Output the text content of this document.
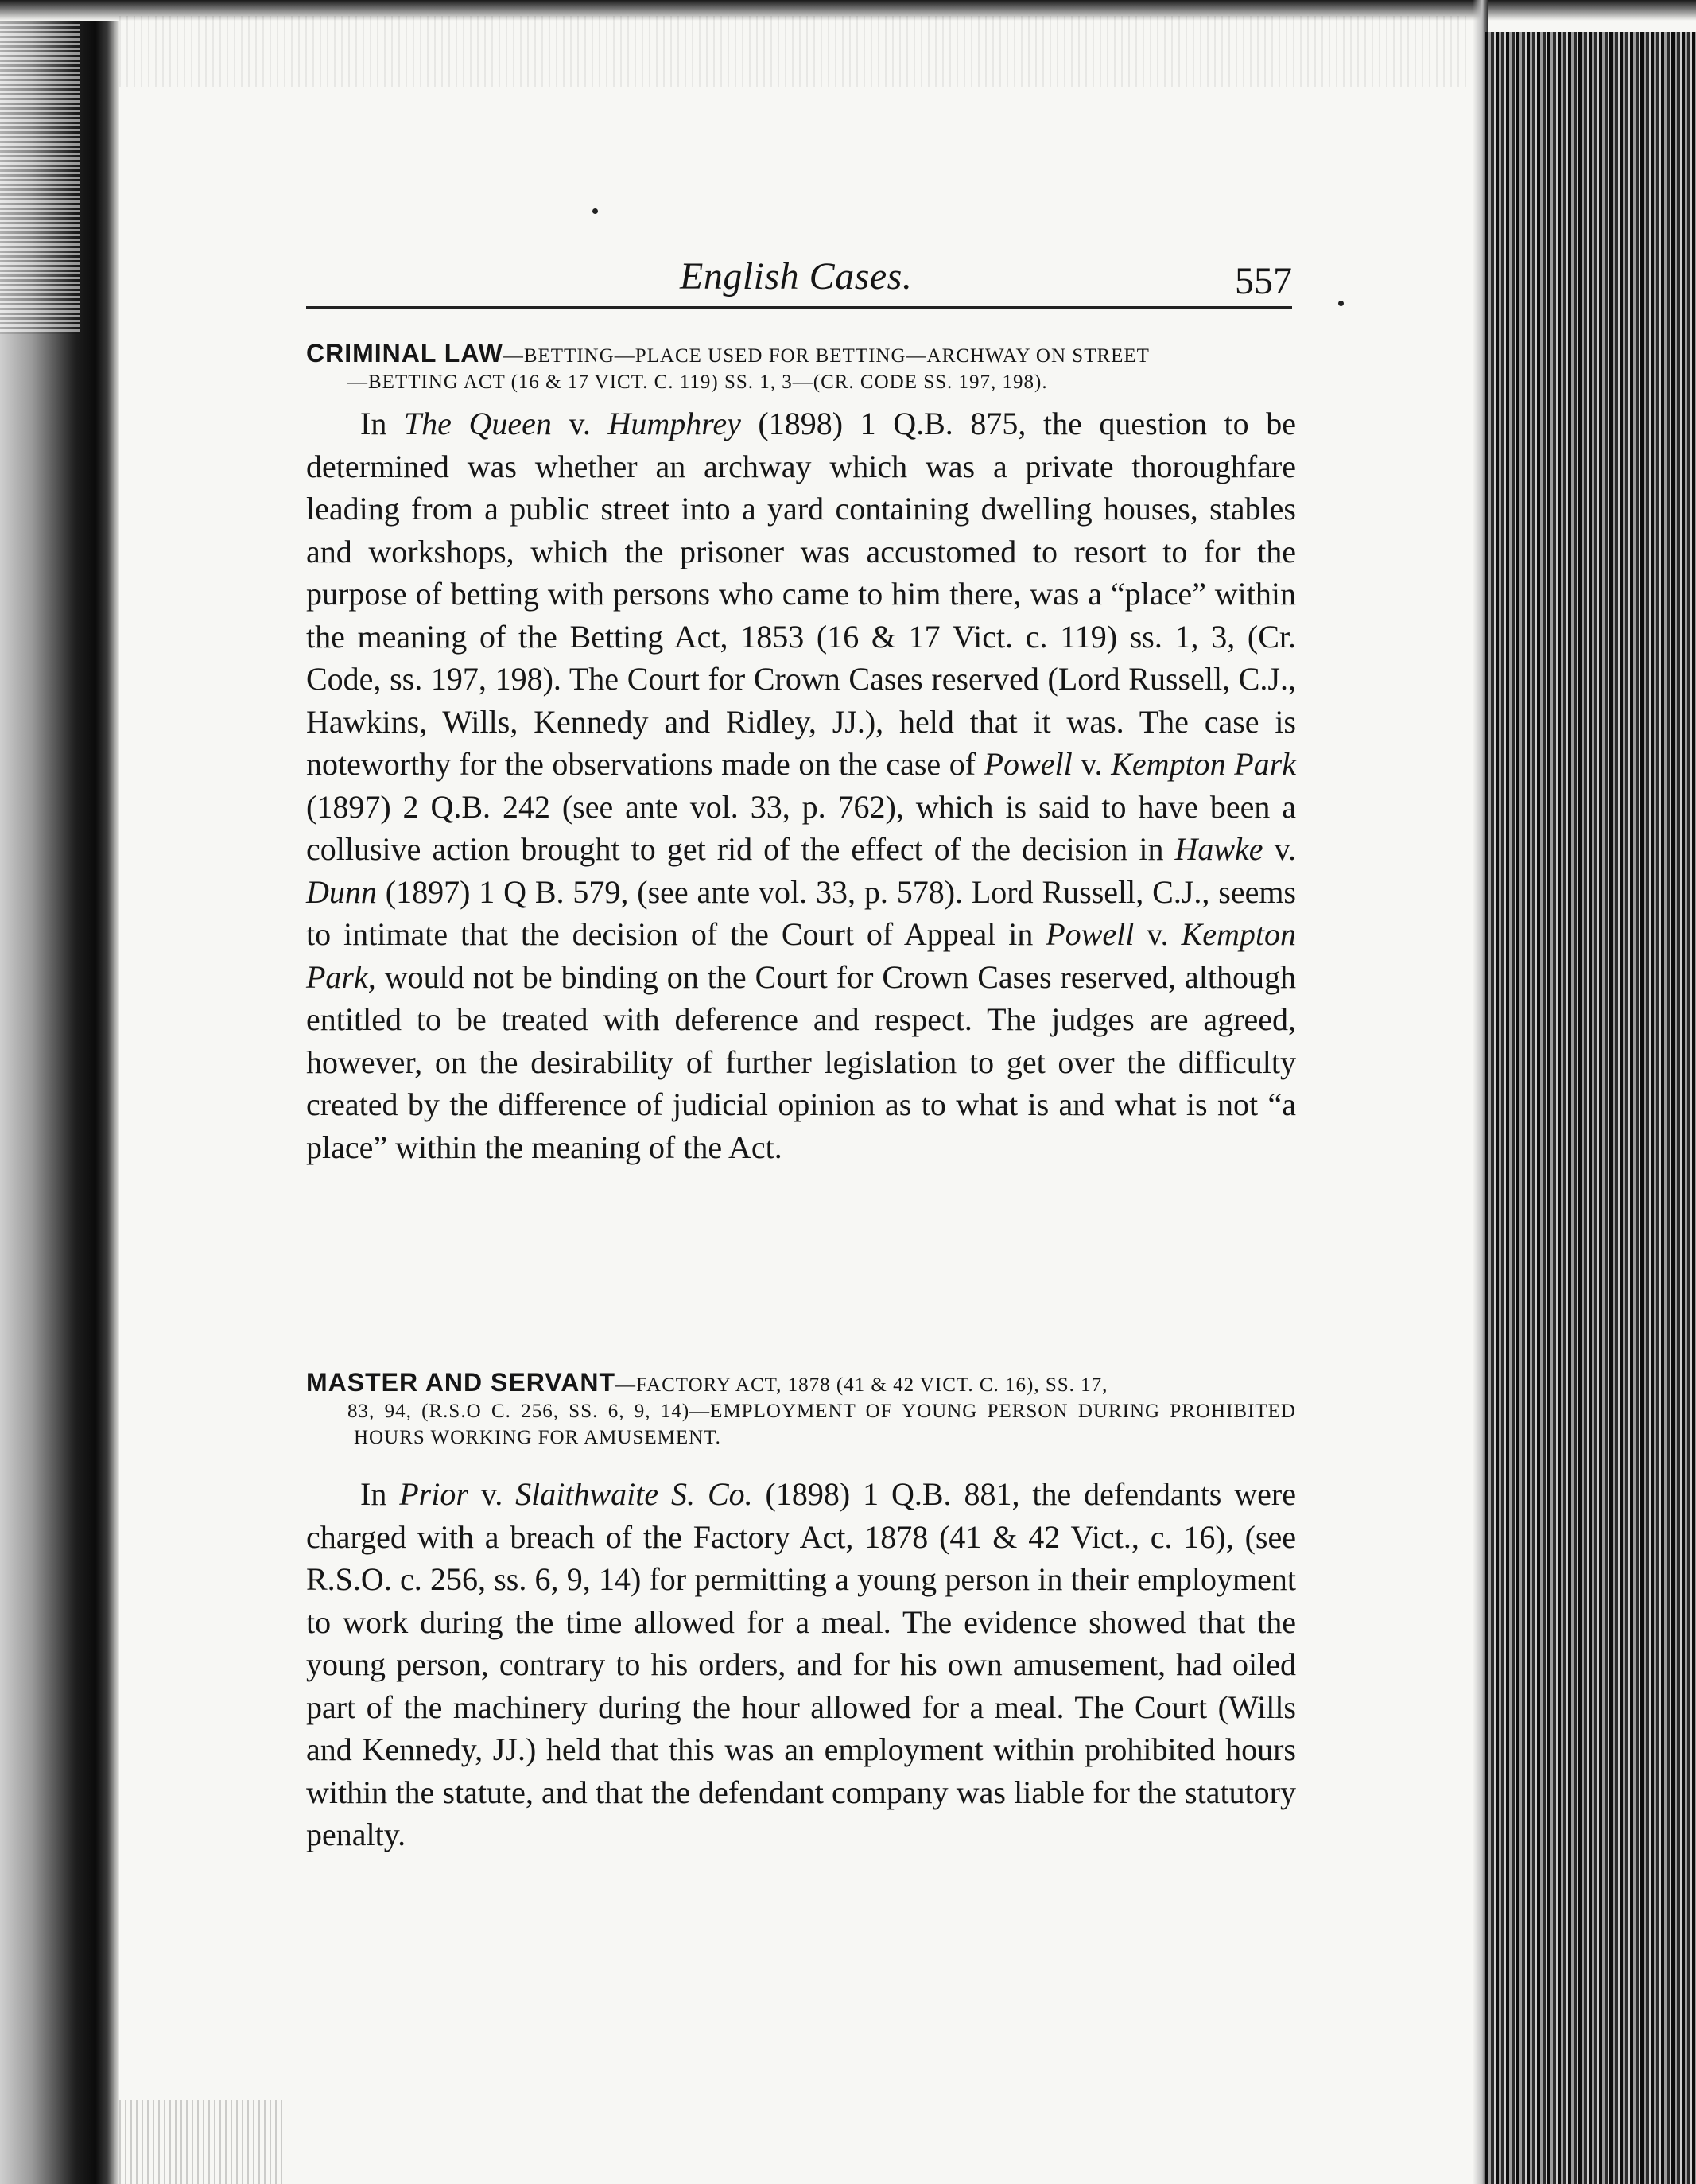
English Cases.	557

CRIMINAL LAW—BETTING—PLACE USED FOR BETTING—ARCHWAY ON STREET
—BETTING ACT (16 & 17 VICT. C. 119) SS. 1, 3—(CR. CODE SS. 197, 198).

In The Queen v. Humphrey (1898) 1 Q.B. 875, the question to be determined was whether an archway which was a private thoroughfare leading from a public street into a yard containing dwelling houses, stables and workshops, which the prisoner was accustomed to resort to for the purpose of betting with persons who came to him there, was a “place” within the meaning of the Betting Act, 1853 (16 & 17 Vict. c. 119) ss. 1, 3, (Cr. Code, ss. 197, 198). The Court for Crown Cases reserved (Lord Russell, C.J., Hawkins, Wills, Kennedy and Ridley, JJ.), held that it was. The case is noteworthy for the observations made on the case of Powell v. Kempton Park (1897) 2 Q.B. 242 (see ante vol. 33, p. 762), which is said to have been a collusive action brought to get rid of the effect of the decision in Hawke v. Dunn (1897) 1 Q B. 579, (see ante vol. 33, p. 578). Lord Russell, C.J., seems to intimate that the decision of the Court of Appeal in Powell v. Kempton Park, would not be binding on the Court for Crown Cases reserved, although entitled to be treated with deference and respect. The judges are agreed, however, on the desirability of further legislation to get over the difficulty created by the difference of judicial opinion as to what is and what is not “a place” within the meaning of the Act.

MASTER AND SERVANT—FACTORY ACT, 1878 (41 & 42 VICT. C. 16), SS. 17,
83, 94, (R.S.O C. 256, SS. 6, 9, 14)—EMPLOYMENT OF YOUNG PERSON DURING PROHIBITED HOURS WORKING FOR AMUSEMENT.

In Prior v. Slaithwaite S. Co. (1898) 1 Q.B. 881, the defendants were charged with a breach of the Factory Act, 1878 (41 & 42 Vict., c. 16), (see R.S.O. c. 256, ss. 6, 9, 14) for permitting a young person in their employment to work during the time allowed for a meal. The evidence showed that the young person, contrary to his orders, and for his own amusement, had oiled part of the machinery during the hour allowed for a meal. The Court (Wills and Kennedy, JJ.) held that this was an employment within prohibited hours within the statute, and that the defendant company was liable for the statutory penalty.
